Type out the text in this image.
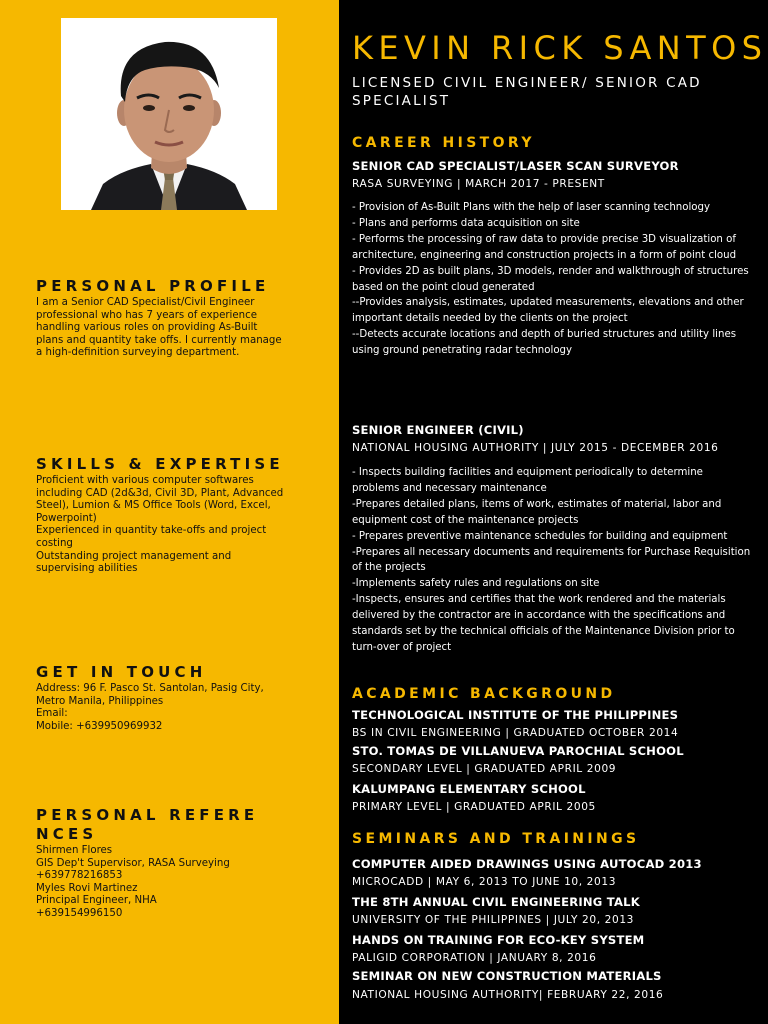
PERSONAL PROFILE
I am a Senior CAD Specialist/Civil Engineer professional who has 7 years of experience handling various roles on providing As-Built plans and quantity take offs. I currently manage a high-definition surveying department.
SKILLS & EXPERTISE
Proficient with various computer softwares including CAD (2d&3d, Civil 3D, Plant, Advanced Steel), Lumion & MS Office Tools (Word, Excel, Powerpoint)
Experienced in quantity take-offs and project costing
Outstanding project management and supervising abilities
GET IN TOUCH
Address: 96 F. Pasco St. Santolan, Pasig City, Metro Manila, Philippines
Email:
Mobile: +639950969932
PERSONAL REFERE NCES
Shirmen Flores
GIS Dep't Supervisor, RASA Surveying
+639778216853
Myles Rovi Martinez
Principal Engineer, NHA
+639154996150
KEVIN RICK SANTOS
LICENSED CIVIL ENGINEER/ SENIOR CAD SPECIALIST
CAREER HISTORY
SENIOR CAD SPECIALIST/LASER SCAN SURVEYOR
RASA SURVEYING | MARCH 2017 - PRESENT
- Provision of As-Built Plans with the help of laser scanning technology
- Plans and performs data acquisition on site
- Performs the processing of raw data to provide precise 3D visualization of architecture, engineering and construction projects in a form of point cloud
- Provides 2D as built plans, 3D models, render and walkthrough of structures based on the point cloud generated
--Provides analysis, estimates, updated measurements, elevations and other important details needed by the clients on the project
--Detects accurate locations and depth of buried structures and utility lines using ground penetrating radar technology
SENIOR ENGINEER (CIVIL)
NATIONAL HOUSING AUTHORITY | JULY 2015 - DECEMBER 2016
- Inspects building facilities and equipment periodically to determine problems and necessary maintenance
-Prepares detailed plans, items of work, estimates of material, labor and equipment cost of the maintenance projects
- Prepares preventive maintenance schedules for building and equipment
-Prepares all necessary documents and requirements for Purchase Requisition of the projects
-Implements safety rules and regulations on site
-Inspects, ensures and certifies that the work rendered and the materials delivered by the contractor are in accordance with the specifications and standards set by the technical officials of the Maintenance Division prior to turn-over of project
ACADEMIC BACKGROUND
TECHNOLOGICAL INSTITUTE OF THE PHILIPPINES
BS IN CIVIL ENGINEERING | GRADUATED OCTOBER 2014
STO. TOMAS DE VILLANUEVA PAROCHIAL SCHOOL
SECONDARY LEVEL | GRADUATED APRIL 2009
KALUMPANG ELEMENTARY SCHOOL
PRIMARY LEVEL | GRADUATED APRIL 2005
SEMINARS AND TRAININGS
COMPUTER AIDED DRAWINGS USING AUTOCAD 2013
MICROCADD | MAY 6, 2013 TO JUNE 10, 2013
THE 8TH ANNUAL CIVIL ENGINEERING TALK
UNIVERSITY OF THE PHILIPPINES | JULY 20, 2013
HANDS ON TRAINING FOR ECO-KEY SYSTEM
PALIGID CORPORATION | JANUARY 8, 2016
SEMINAR ON NEW CONSTRUCTION MATERIALS
NATIONAL HOUSING AUTHORITY| FEBRUARY 22, 2016
